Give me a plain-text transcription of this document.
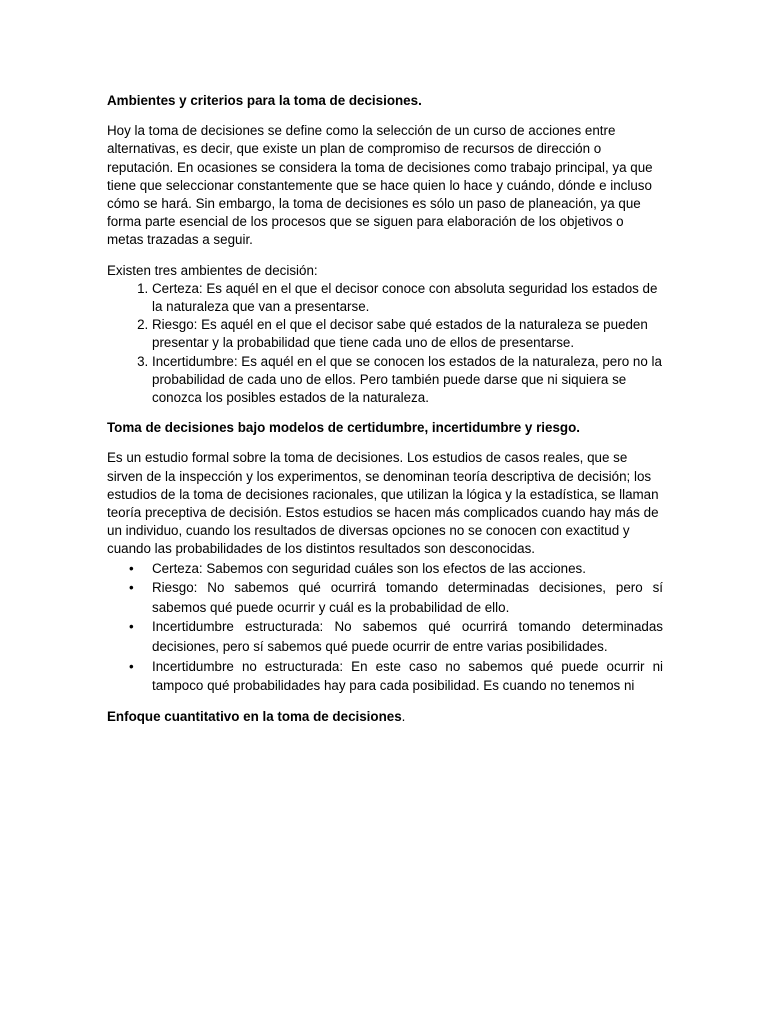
Ambientes y criterios para la toma de decisiones.

Hoy la toma de decisiones se define como la selección de un curso de acciones entre alternativas, es decir, que existe un plan de compromiso de recursos de dirección o reputación. En ocasiones se considera la toma de decisiones como trabajo principal, ya que tiene que seleccionar constantemente que se hace quien lo hace y cuándo, dónde e incluso cómo se hará. Sin embargo, la toma de decisiones es sólo un paso de planeación, ya que forma parte esencial de los procesos que se siguen para elaboración de los objetivos o metas trazadas a seguir.

Existen tres ambientes de decisión:

1. Certeza: Es aquél en el que el decisor conoce con absoluta seguridad los estados de la naturaleza que van a presentarse.
2. Riesgo: Es aquél en el que el decisor sabe qué estados de la naturaleza se pueden presentar y la probabilidad que tiene cada uno de ellos de presentarse.
3. Incertidumbre: Es aquél en el que se conocen los estados de la naturaleza, pero no la probabilidad de cada uno de ellos. Pero también puede darse que ni siquiera se conozca los posibles estados de la naturaleza.

Toma de decisiones bajo modelos de certidumbre, incertidumbre y riesgo.

Es un estudio formal sobre la toma de decisiones. Los estudios de casos reales, que se sirven de la inspección y los experimentos, se denominan teoría descriptiva de decisión; los estudios de la toma de decisiones racionales, que utilizan la lógica y la estadística, se llaman teoría preceptiva de decisión. Estos estudios se hacen más complicados cuando hay más de un individuo, cuando los resultados de diversas opciones no se conocen con exactitud y cuando las probabilidades de los distintos resultados son desconocidas.

• Certeza: Sabemos con seguridad cuáles son los efectos de las acciones.
• Riesgo: No sabemos qué ocurrirá tomando determinadas decisiones, pero sí sabemos qué puede ocurrir y cuál es la probabilidad de ello.
• Incertidumbre estructurada: No sabemos qué ocurrirá tomando determinadas decisiones, pero sí sabemos qué puede ocurrir de entre varias posibilidades.
• Incertidumbre no estructurada: En este caso no sabemos qué puede ocurrir ni tampoco qué probabilidades hay para cada posibilidad. Es cuando no tenemos ni

Enfoque cuantitativo en la toma de decisiones.
